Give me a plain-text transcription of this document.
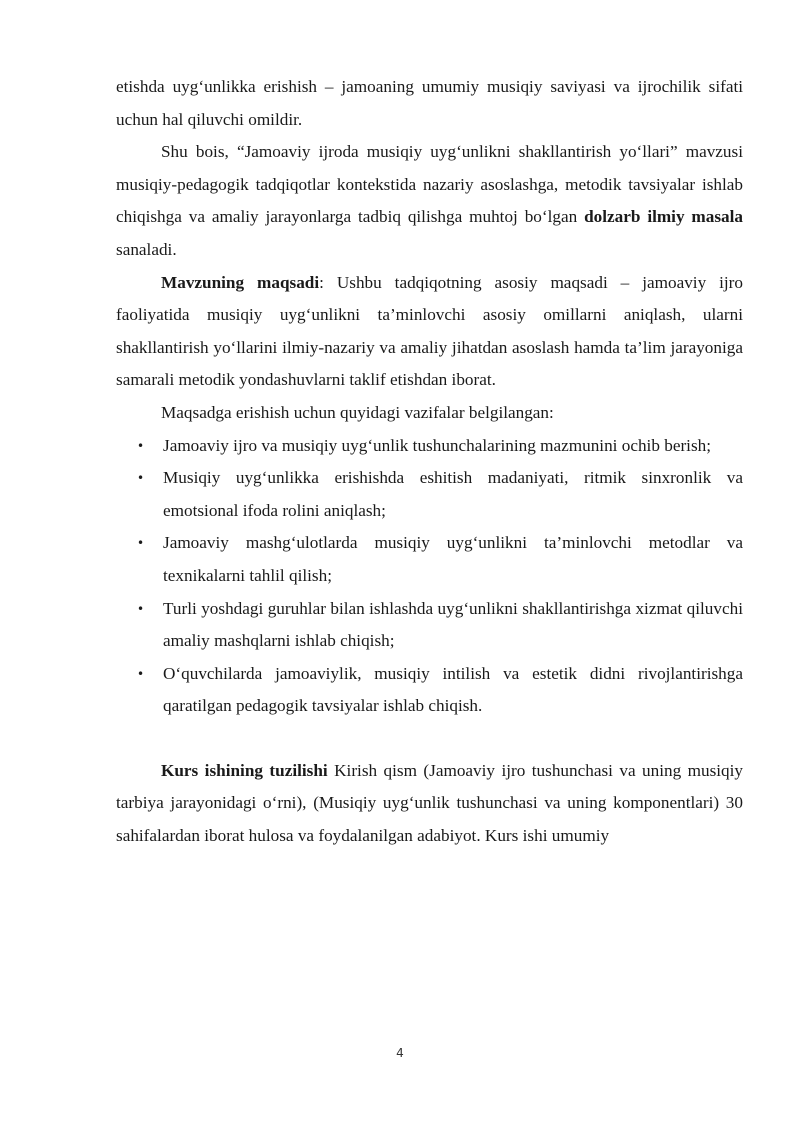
etishda uyg‘unlikka erishish – jamoaning umumiy musiqiy saviyasi va ijrochilik sifati uchun hal qiluvchi omildir.

Shu bois, “Jamoaviy ijroda musiqiy uyg‘unlikni shakllantirish yo‘llari” mavzusi musiqiy-pedagogik tadqiqotlar kontekstida nazariy asoslashga, metodik tavsiyalar ishlab chiqishga va amaliy jarayonlarga tadbiq qilishga muhtoj bo‘lgan dolzarb ilmiy masala sanaladi.

Mavzuning maqsadi: Ushbu tadqiqotning asosiy maqsadi – jamoaviy ijro faoliyatida musiqiy uyg‘unlikni ta’minlovchi asosiy omillarni aniqlash, ularni shakllantirish yo‘llarini ilmiy-nazariy va amaliy jihatdan asoslash hamda ta’lim jarayoniga samarali metodik yondashuvlarni taklif etishdan iborat.

Maqsadga erishish uchun quyidagi vazifalar belgilangan:

• Jamoaviy ijro va musiqiy uyg‘unlik tushunchalarining mazmunini ochib berish;
• Musiqiy uyg‘unlikka erishishda eshitish madaniyati, ritmik sinxronlik va emotsional ifoda rolini aniqlash;
• Jamoaviy mashg‘ulotlarda musiqiy uyg‘unlikni ta’minlovchi metodlar va texnikalarni tahlil qilish;
• Turli yoshdagi guruhlar bilan ishlashda uyg‘unlikni shakllantirishga xizmat qiluvchi amaliy mashqlarni ishlab chiqish;
• O‘quvchilarda jamoaviylik, musiqiy intilish va estetik didni rivojlantirishga qaratilgan pedagogik tavsiyalar ishlab chiqish.

Kurs ishining tuzilishi Kirish qism (Jamoaviy ijro tushunchasi va uning musiqiy tarbiya jarayonidagi o‘rni), (Musiqiy uyg‘unlik tushunchasi va uning komponentlari) 30 sahifalardan iborat hulosa va foydalanilgan adabiyot. Kurs ishi umumiy

4
